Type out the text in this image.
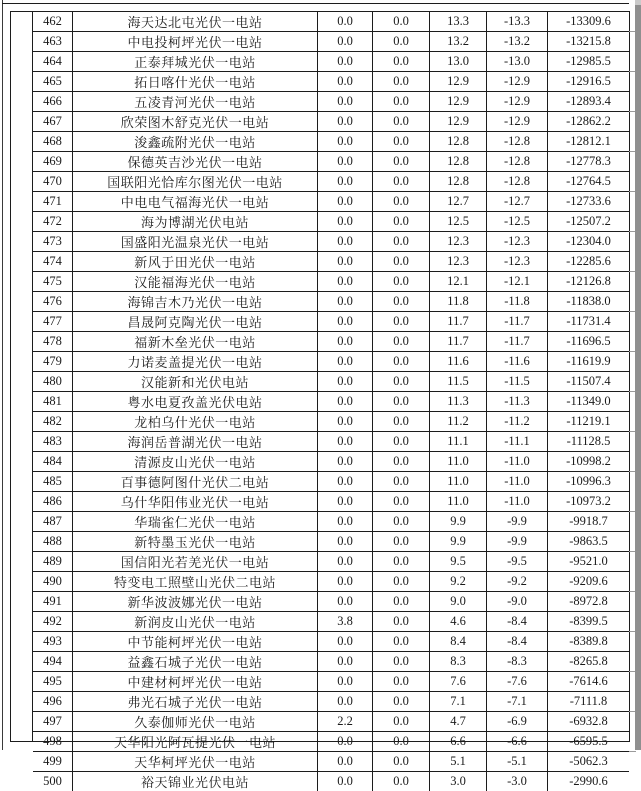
462	海天达北屯光伏一电站	0.0	0.0	13.3	-13.3	-13309.6
463	中电投柯坪光伏一电站	0.0	0.0	13.2	-13.2	-13215.8
464	正泰拜城光伏一电站	0.0	0.0	13.0	-13.0	-12985.5
465	拓日喀什光伏一电站	0.0	0.0	12.9	-12.9	-12916.5
466	五凌青河光伏一电站	0.0	0.0	12.9	-12.9	-12893.4
467	欣荣图木舒克光伏一电站	0.0	0.0	12.9	-12.9	-12862.2
468	浚鑫疏附光伏一电站	0.0	0.0	12.8	-12.8	-12812.1
469	保德英吉沙光伏一电站	0.0	0.0	12.8	-12.8	-12778.3
470	国联阳光恰库尔图光伏一电站	0.0	0.0	12.8	-12.8	-12764.5
471	中电电气福海光伏一电站	0.0	0.0	12.7	-12.7	-12733.6
472	海为博湖光伏电站	0.0	0.0	12.5	-12.5	-12507.2
473	国盛阳光温泉光伏一电站	0.0	0.0	12.3	-12.3	-12304.0
474	新风于田光伏一电站	0.0	0.0	12.3	-12.3	-12285.6
475	汉能福海光伏一电站	0.0	0.0	12.1	-12.1	-12126.8
476	海锦吉木乃光伏一电站	0.0	0.0	11.8	-11.8	-11838.0
477	昌晟阿克陶光伏一电站	0.0	0.0	11.7	-11.7	-11731.4
478	福新木垒光伏一电站	0.0	0.0	11.7	-11.7	-11696.5
479	力诺麦盖提光伏一电站	0.0	0.0	11.6	-11.6	-11619.9
480	汉能新和光伏电站	0.0	0.0	11.5	-11.5	-11507.4
481	粤水电夏孜盖光伏电站	0.0	0.0	11.3	-11.3	-11349.0
482	龙柏乌什光伏一电站	0.0	0.0	11.2	-11.2	-11219.1
483	海润岳普湖光伏一电站	0.0	0.0	11.1	-11.1	-11128.5
484	清源皮山光伏一电站	0.0	0.0	11.0	-11.0	-10998.2
485	百事德阿图什光伏二电站	0.0	0.0	11.0	-11.0	-10996.3
486	乌什华阳伟业光伏一电站	0.0	0.0	11.0	-11.0	-10973.2
487	华瑞雀仁光伏一电站	0.0	0.0	9.9	-9.9	-9918.7
488	新特墨玉光伏一电站	0.0	0.0	9.9	-9.9	-9863.5
489	国信阳光若羌光伏一电站	0.0	0.0	9.5	-9.5	-9521.0
490	特变电工照壁山光伏二电站	0.0	0.0	9.2	-9.2	-9209.6
491	新华波波娜光伏一电站	0.0	0.0	9.0	-9.0	-8972.8
492	新润皮山光伏一电站	3.8	0.0	4.6	-8.4	-8399.5
493	中节能柯坪光伏一电站	0.0	0.0	8.4	-8.4	-8389.8
494	益鑫石城子光伏一电站	0.0	0.0	8.3	-8.3	-8265.8
495	中建材柯坪光伏一电站	0.0	0.0	7.6	-7.6	-7614.6
496	弗光石城子光伏一电站	0.0	0.0	7.1	-7.1	-7111.8
497	久泰伽师光伏一电站	2.2	0.0	4.7	-6.9	-6932.8
498	天华阳光阿瓦提光伏一电站	0.0	0.0	6.6	-6.6	-6595.5
499	天华柯坪光伏一电站	0.0	0.0	5.1	-5.1	-5062.3
500	裕天锦业光伏电站	0.0	0.0	3.0	-3.0	-2990.6
